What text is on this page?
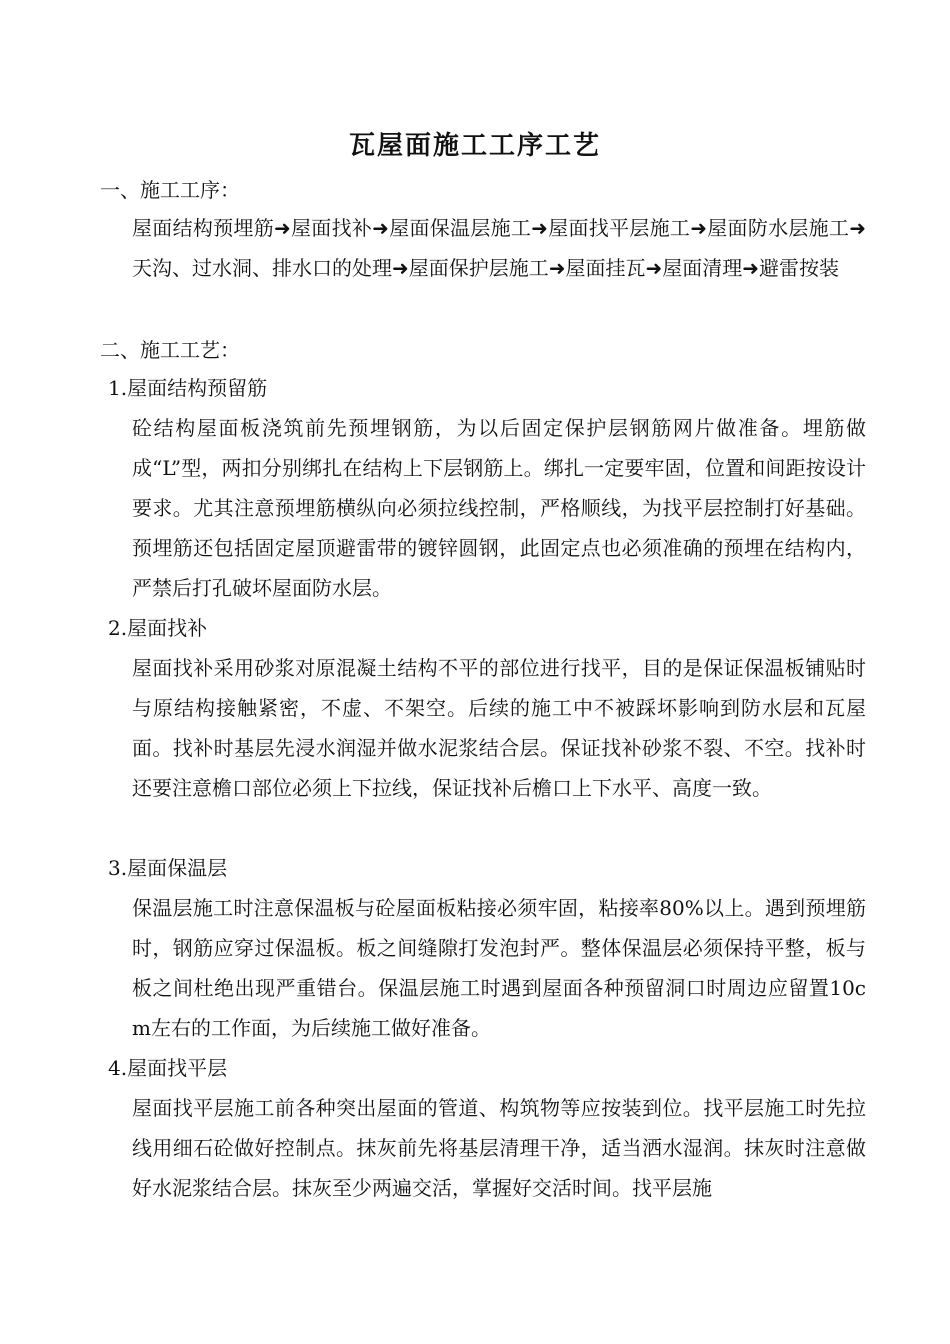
瓦屋面施工工序工艺
一、施工工序：
屋面结构预埋筋➜屋面找补➜屋面保温层施工➜屋面找平层施工➜屋面防水层施工➜天沟、过水洞、排水口的处理➜屋面保护层施工➜屋面挂瓦➜屋面清理➜避雷按装
二、施工工艺：
1.屋面结构预留筋
砼结构屋面板浇筑前先预埋钢筋，为以后固定保护层钢筋网片做准备。埋筋做成“L”型，两扣分别绑扎在结构上下层钢筋上。绑扎一定要牢固，位置和间距按设计要求。尤其注意预埋筋横纵向必须拉线控制，严格顺线，为找平层控制打好基础。预埋筋还包括固定屋顶避雷带的镀锌圆钢，此固定点也必须准确的预埋在结构内，严禁后打孔破坏屋面防水层。
2.屋面找补
屋面找补采用砂浆对原混凝土结构不平的部位进行找平，目的是保证保温板铺贴时与原结构接触紧密，不虚、不架空。后续的施工中不被踩坏影响到防水层和瓦屋面。找补时基层先浸水润湿并做水泥浆结合层。保证找补砂浆不裂、不空。找补时还要注意檐口部位必须上下拉线，保证找补后檐口上下水平、高度一致。
3.屋面保温层
保温层施工时注意保温板与砼屋面板粘接必须牢固，粘接率80%以上。遇到预埋筋时，钢筋应穿过保温板。板之间缝隙打发泡封严。整体保温层必须保持平整，板与板之间杜绝出现严重错台。保温层施工时遇到屋面各种预留洞口时周边应留置10cm左右的工作面，为后续施工做好准备。
4.屋面找平层
屋面找平层施工前各种突出屋面的管道、构筑物等应按装到位。找平层施工时先拉线用细石砼做好控制点。抹灰前先将基层清理干净，适当洒水湿润。抹灰时注意做好水泥浆结合层。抹灰至少两遍交活，掌握好交活时间。找平层施
